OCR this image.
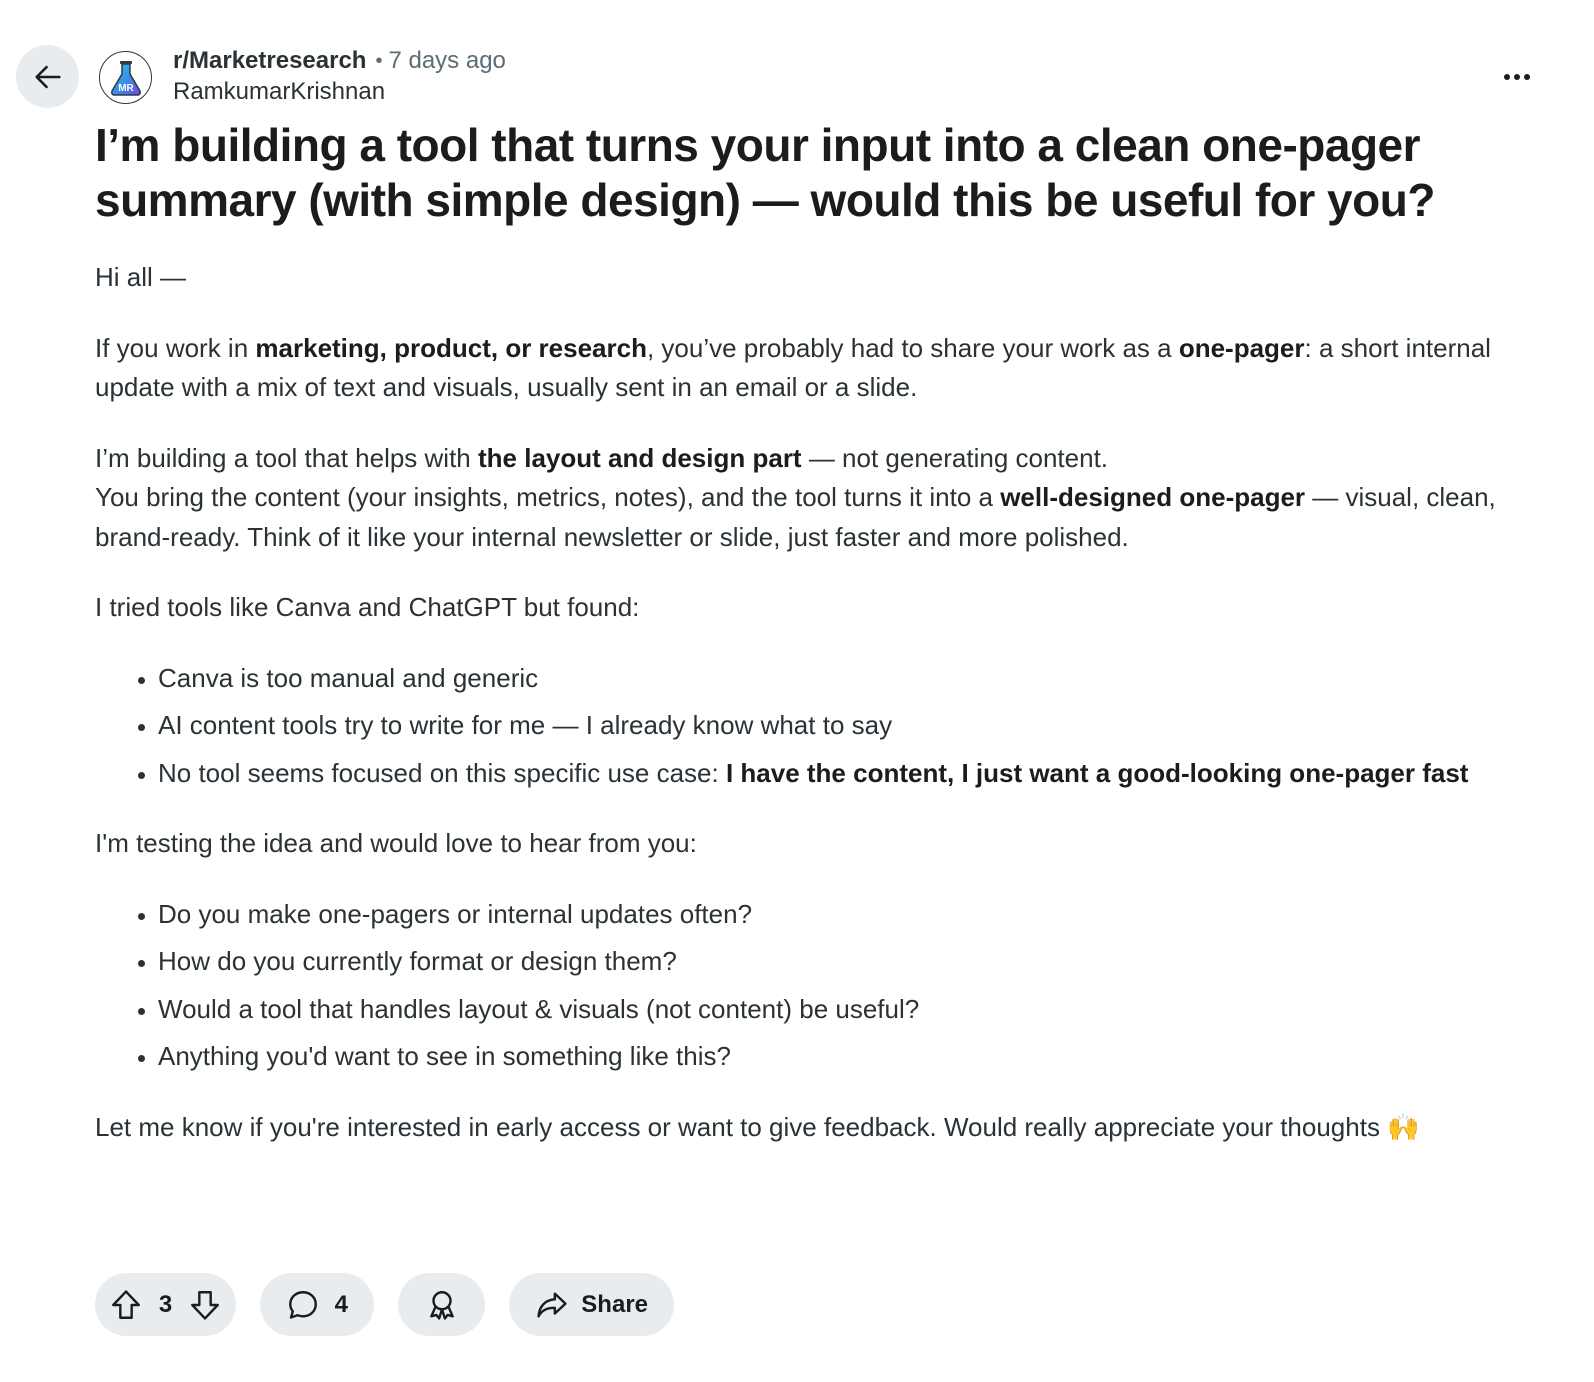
MR
r/Marketresearch • 7 days ago
RamkumarKrishnan
I’m building a tool that turns your input into a clean one-pager summary (with simple design) — would this be useful for you?

Hi all —

If you work in marketing, product, or research, you’ve probably had to share your work as a one-pager: a short internal update with a mix of text and visuals, usually sent in an email or a slide.

I’m building a tool that helps with the layout and design part — not generating content.
You bring the content (your insights, metrics, notes), and the tool turns it into a well-designed one-pager — visual, clean, brand-ready. Think of it like your internal newsletter or slide, just faster and more polished.

I tried tools like Canva and ChatGPT but found:

• Canva is too manual and generic
• AI content tools try to write for me — I already know what to say
• No tool seems focused on this specific use case: I have the content, I just want a good-looking one-pager fast

I'm testing the idea and would love to hear from you:

• Do you make one-pagers or internal updates often?
• How do you currently format or design them?
• Would a tool that handles layout & visuals (not content) be useful?
• Anything you'd want to see in something like this?

Let me know if you're interested in early access or want to give feedback. Would really appreciate your thoughts 🙌

3	4	Share
